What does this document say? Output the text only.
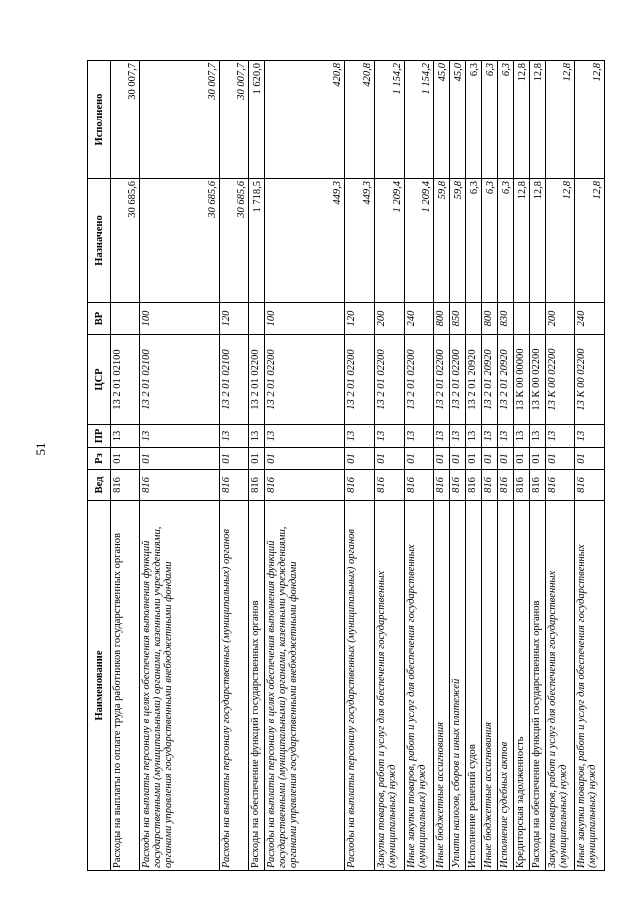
51
Наименование	Вед	Рз	ПР	ЦСР	ВР	Назначено	Исполнено
Расходы на выплаты по оплате труда работников государственных органов	816	01	13	13 2 01 02100		30 685,6	30 007,7
Расходы на выплаты персоналу в целях обеспечения выполнения функций государственными (муниципальными) органами, казенными учреждениями, органами управления государственными внебюджетными фондами	816	01	13	13 2 01 02100	100	30 685,6	30 007,7
Расходы на выплаты персоналу государственных (муниципальных) органов	816	01	13	13 2 01 02100	120	30 685,6	30 007,7
Расходы на обеспечение функций государственных органов	816	01	13	13 2 01 02200		1 718,5	1 620,0
Расходы на выплаты персоналу в целях обеспечения выполнения функций государственными (муниципальными) органами, казенными учреждениями, органами управления государственными внебюджетными фондами	816	01	13	13 2 01 02200	100	449,3	420,8
Расходы на выплаты персоналу государственных (муниципальных) органов	816	01	13	13 2 01 02200	120	449,3	420,8
Закупка товаров, работ и услуг для обеспечения государственных (муниципальных) нужд	816	01	13	13 2 01 02200	200	1 209,4	1 154,2
Иные закупки товаров, работ и услуг для обеспечения государственных (муниципальных) нужд	816	01	13	13 2 01 02200	240	1 209,4	1 154,2
Иные бюджетные ассигнования	816	01	13	13 2 01 02200	800	59,8	45,0
Уплата налогов, сборов и иных платежей	816	01	13	13 2 01 02200	850	59,8	45,0
Исполнение решений судов	816	01	13	13 2 01 20920		6,3	6,3
Иные бюджетные ассигнования	816	01	13	13 2 01 20920	800	6,3	6,3
Исполнение судебных актов	816	01	13	13 2 01 20920	830	6,3	6,3
Кредиторская задолженность	816	01	13	13 К 00 00000		12,8	12,8
Расходы на обеспечение функций государственных органов	816	01	13	13 К 00 02200		12,8	12,8
Закупка товаров, работ и услуг для обеспечения государственных (муниципальных) нужд	816	01	13	13 К 00 02200	200	12,8	12,8
Иные закупки товаров, работ и услуг для обеспечения государственных (муниципальных) нужд	816	01	13	13 К 00 02200	240	12,8	12,8
